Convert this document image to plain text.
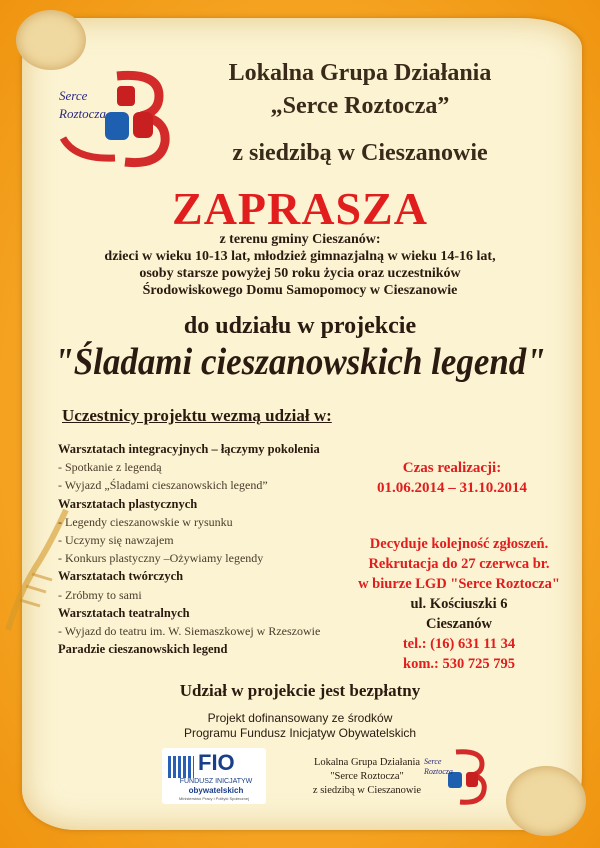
Serce
Roztocza
Lokalna Grupa Działania
„Serce Roztocza”
z siedzibą w Cieszanowie
ZAPRASZA
z terenu gminy Cieszanów:
dzieci w wieku 10-13 lat, młodzież gimnazjalną w wieku 14-16 lat,
osoby starsze powyżej 50 roku życia oraz uczestników
Środowiskowego Domu Samopomocy w Cieszanowie
do udziału w projekcie
"Śladami cieszanowskich legend"
Uczestnicy projektu wezmą udział w:
Warsztatach integracyjnych – łączymy pokolenia
- Spotkanie z legendą
- Wyjazd „Śladami cieszanowskich legend”
Warsztatach plastycznych
- Legendy cieszanowskie w rysunku
- Uczymy się nawzajem
- Konkurs plastyczny –Ożywiamy legendy
Warsztatach twórczych
- Zróbmy to sami
Warsztatach teatralnych
- Wyjazd do teatru im. W. Siemaszkowej w Rzeszowie
Paradzie cieszanowskich legend
Czas realizacji:
01.06.2014 – 31.10.2014
Decyduje kolejność zgłoszeń.
Rekrutacja do 27 czerwca br.
w biurze LGD "Serce Roztocza"
ul. Kościuszki 6
Cieszanów
tel.: (16) 631 11 34
kom.: 530 725 795
Udział w projekcie jest bezpłatny
Projekt dofinansowany ze środków
Programu Fundusz Inicjatyw Obywatelskich
FIO
FUNDUSZ INICJATYW
obywatelskich
Ministerstwo Pracy i Polityki Społecznej
Lokalna Grupa Działania
"Serce Roztocza"
z siedzibą w Cieszanowie
Serce
Roztocza
